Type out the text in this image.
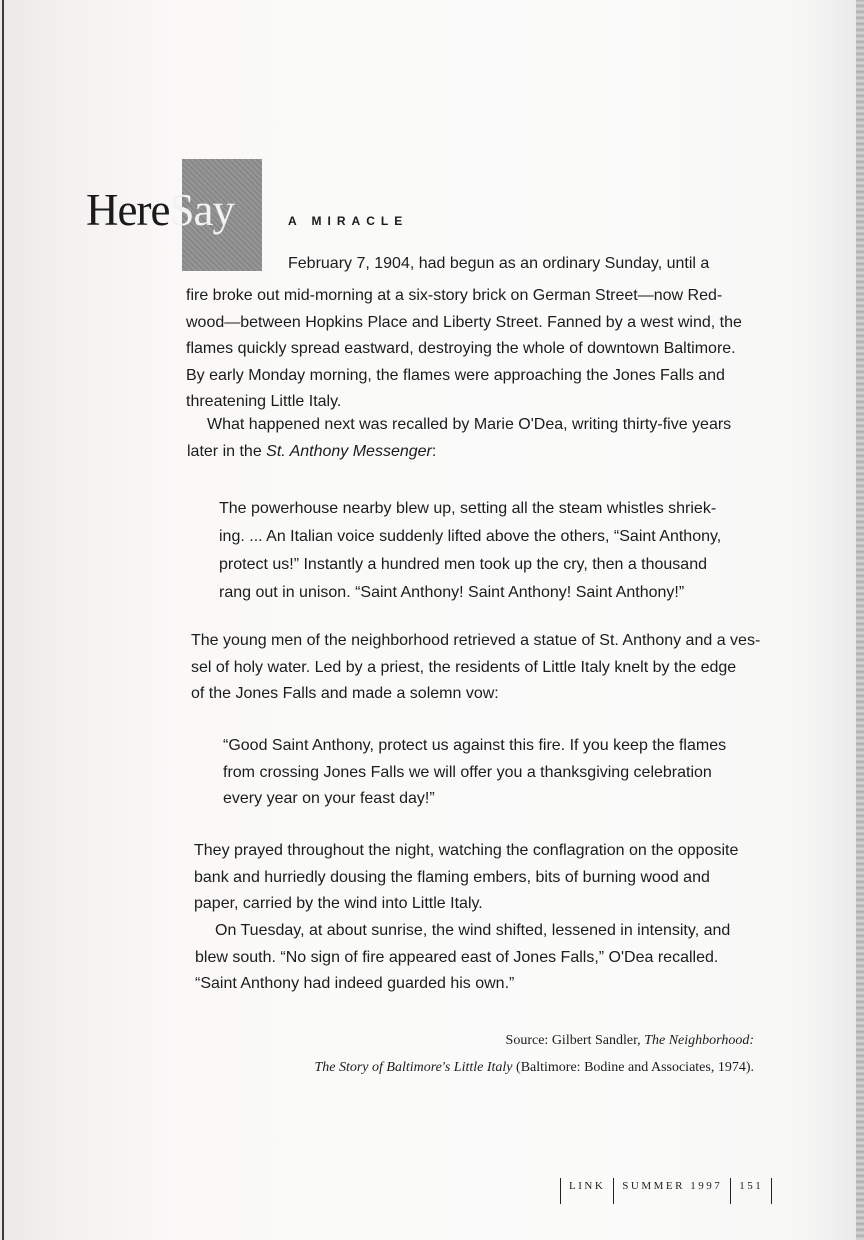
HereSay	A MIRACLE

February 7, 1904, had begun as an ordinary Sunday, until a

fire broke out mid-morning at a six-story brick on German Street—now Red-

wood—between Hopkins Place and Liberty Street. Fanned by a west wind, the

flames quickly spread eastward, destroying the whole of downtown Baltimore.

By early Monday morning, the flames were approaching the Jones Falls and

threatening Little Italy.

What happened next was recalled by Marie O'Dea, writing thirty-five years

later in the St. Anthony Messenger:

The powerhouse nearby blew up, setting all the steam whistles shriek-

ing. ... An Italian voice suddenly lifted above the others, “Saint Anthony,

protect us!” Instantly a hundred men took up the cry, then a thousand

rang out in unison. “Saint Anthony! Saint Anthony! Saint Anthony!”

The young men of the neighborhood retrieved a statue of St. Anthony and a ves-

sel of holy water. Led by a priest, the residents of Little Italy knelt by the edge

of the Jones Falls and made a solemn vow:

“Good Saint Anthony, protect us against this fire. If you keep the flames

from crossing Jones Falls we will offer you a thanksgiving celebration

every year on your feast day!”

They prayed throughout the night, watching the conflagration on the opposite

bank and hurriedly dousing the flaming embers, bits of burning wood and

paper, carried by the wind into Little Italy.

On Tuesday, at about sunrise, the wind shifted, lessened in intensity, and

blew south. “No sign of fire appeared east of Jones Falls,” O'Dea recalled.

“Saint Anthony had indeed guarded his own.”

Source: Gilbert Sandler, The Neighborhood:
The Story of Baltimore's Little Italy (Baltimore: Bodine and Associates, 1974).
LINK	SUMMER 1997	151
